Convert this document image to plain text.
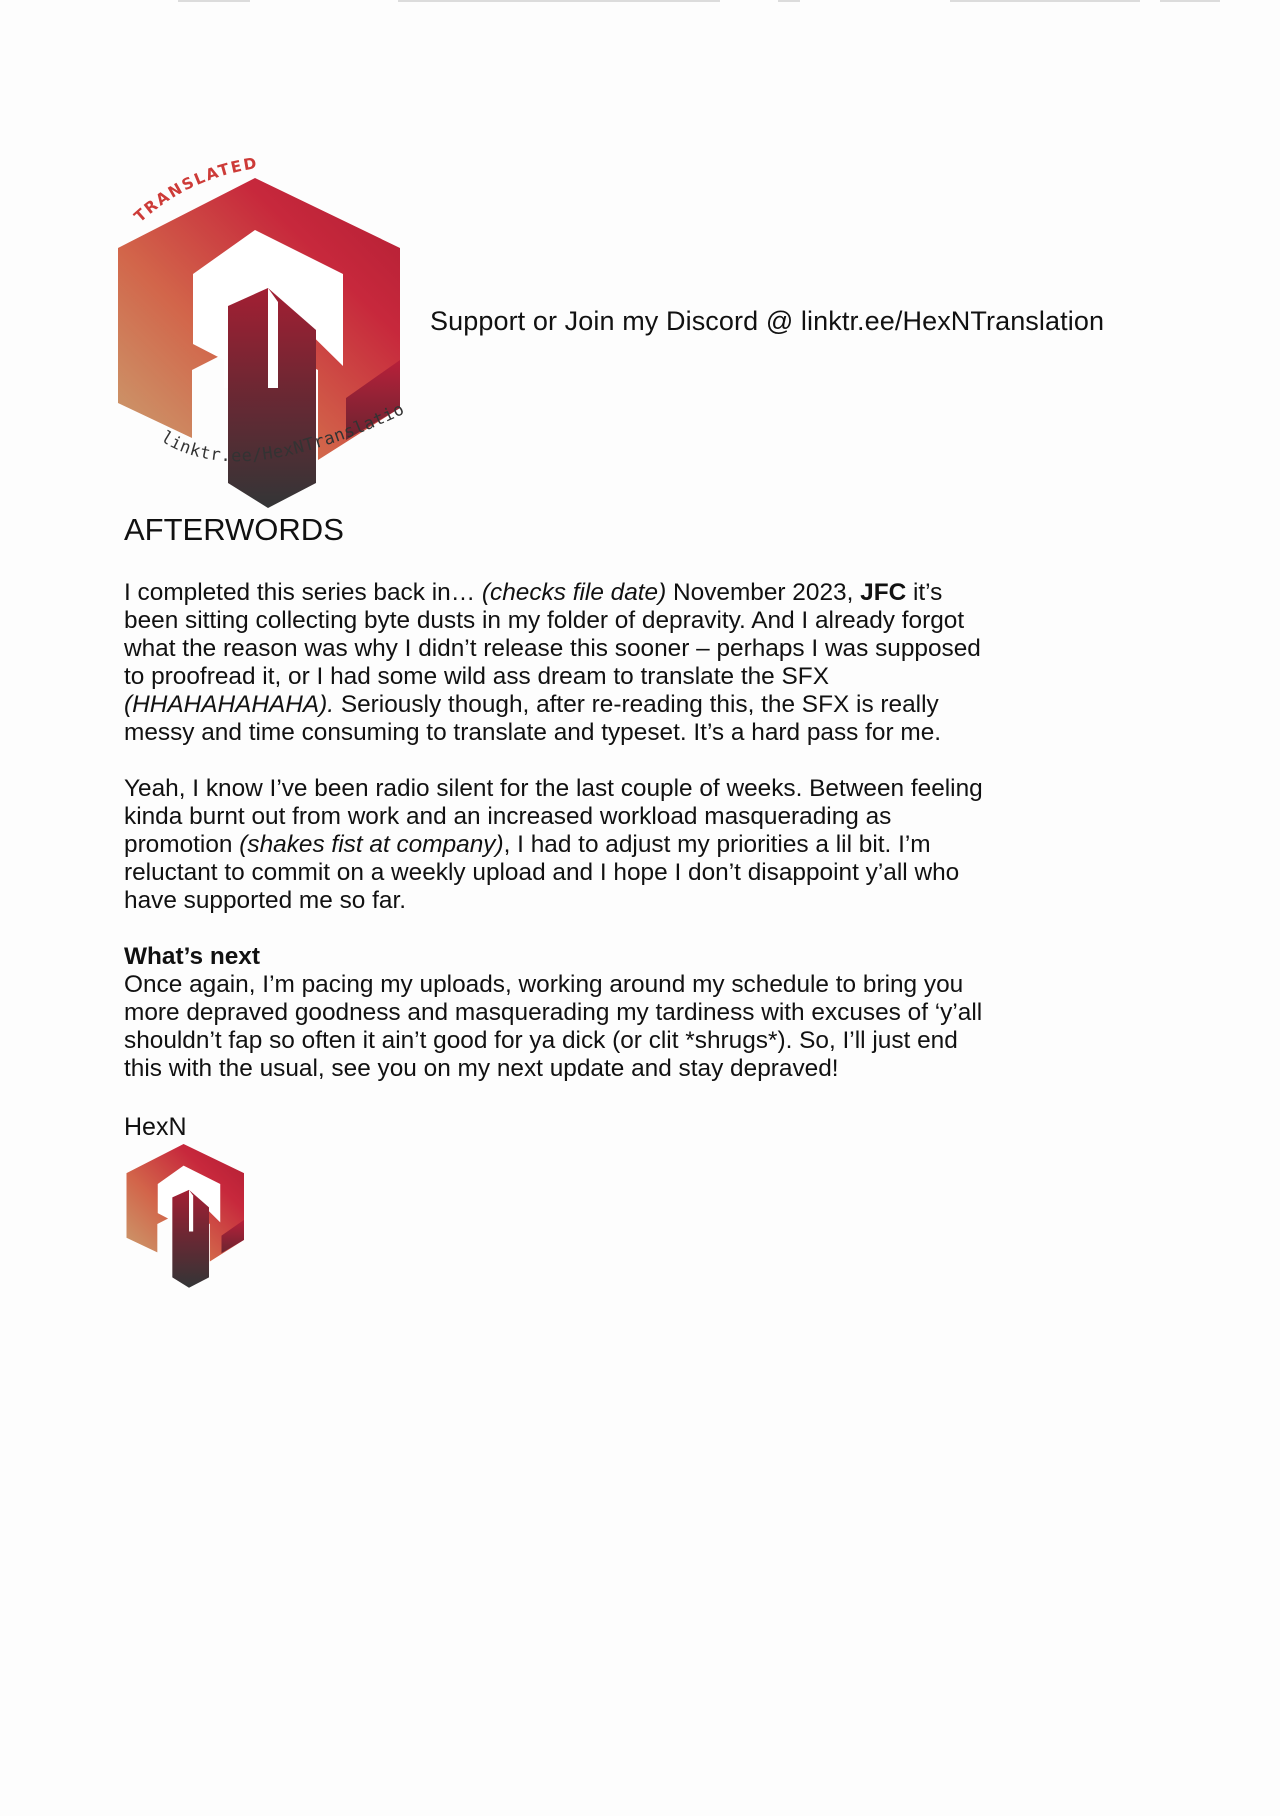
TRANSLATED
linktr.ee/HexNTranslatio
Support or Join my Discord @ linktr.ee/HexNTranslation
AFTERWORDS

I completed this series back in… (checks file date) November 2023, JFC it’s been sitting collecting byte dusts in my folder of depravity. And I already forgot what the reason was why I didn’t release this sooner – perhaps I was supposed to proofread it, or I had some wild ass dream to translate the SFX (HHAHAHAHAHA). Seriously though, after re-reading this, the SFX is really messy and time consuming to translate and typeset. It’s a hard pass for me.

Yeah, I know I’ve been radio silent for the last couple of weeks. Between feeling kinda burnt out from work and an increased workload masquerading as promotion (shakes fist at company), I had to adjust my priorities a lil bit. I’m reluctant to commit on a weekly upload and I hope I don’t disappoint y’all who have supported me so far.

What’s next

Once again, I’m pacing my uploads, working around my schedule to bring you more depraved goodness and masquerading my tardiness with excuses of ‘y’all shouldn’t fap so often it ain’t good for ya dick (or clit *shrugs*). So, I’ll just end this with the usual, see you on my next update and stay depraved!

HexN
